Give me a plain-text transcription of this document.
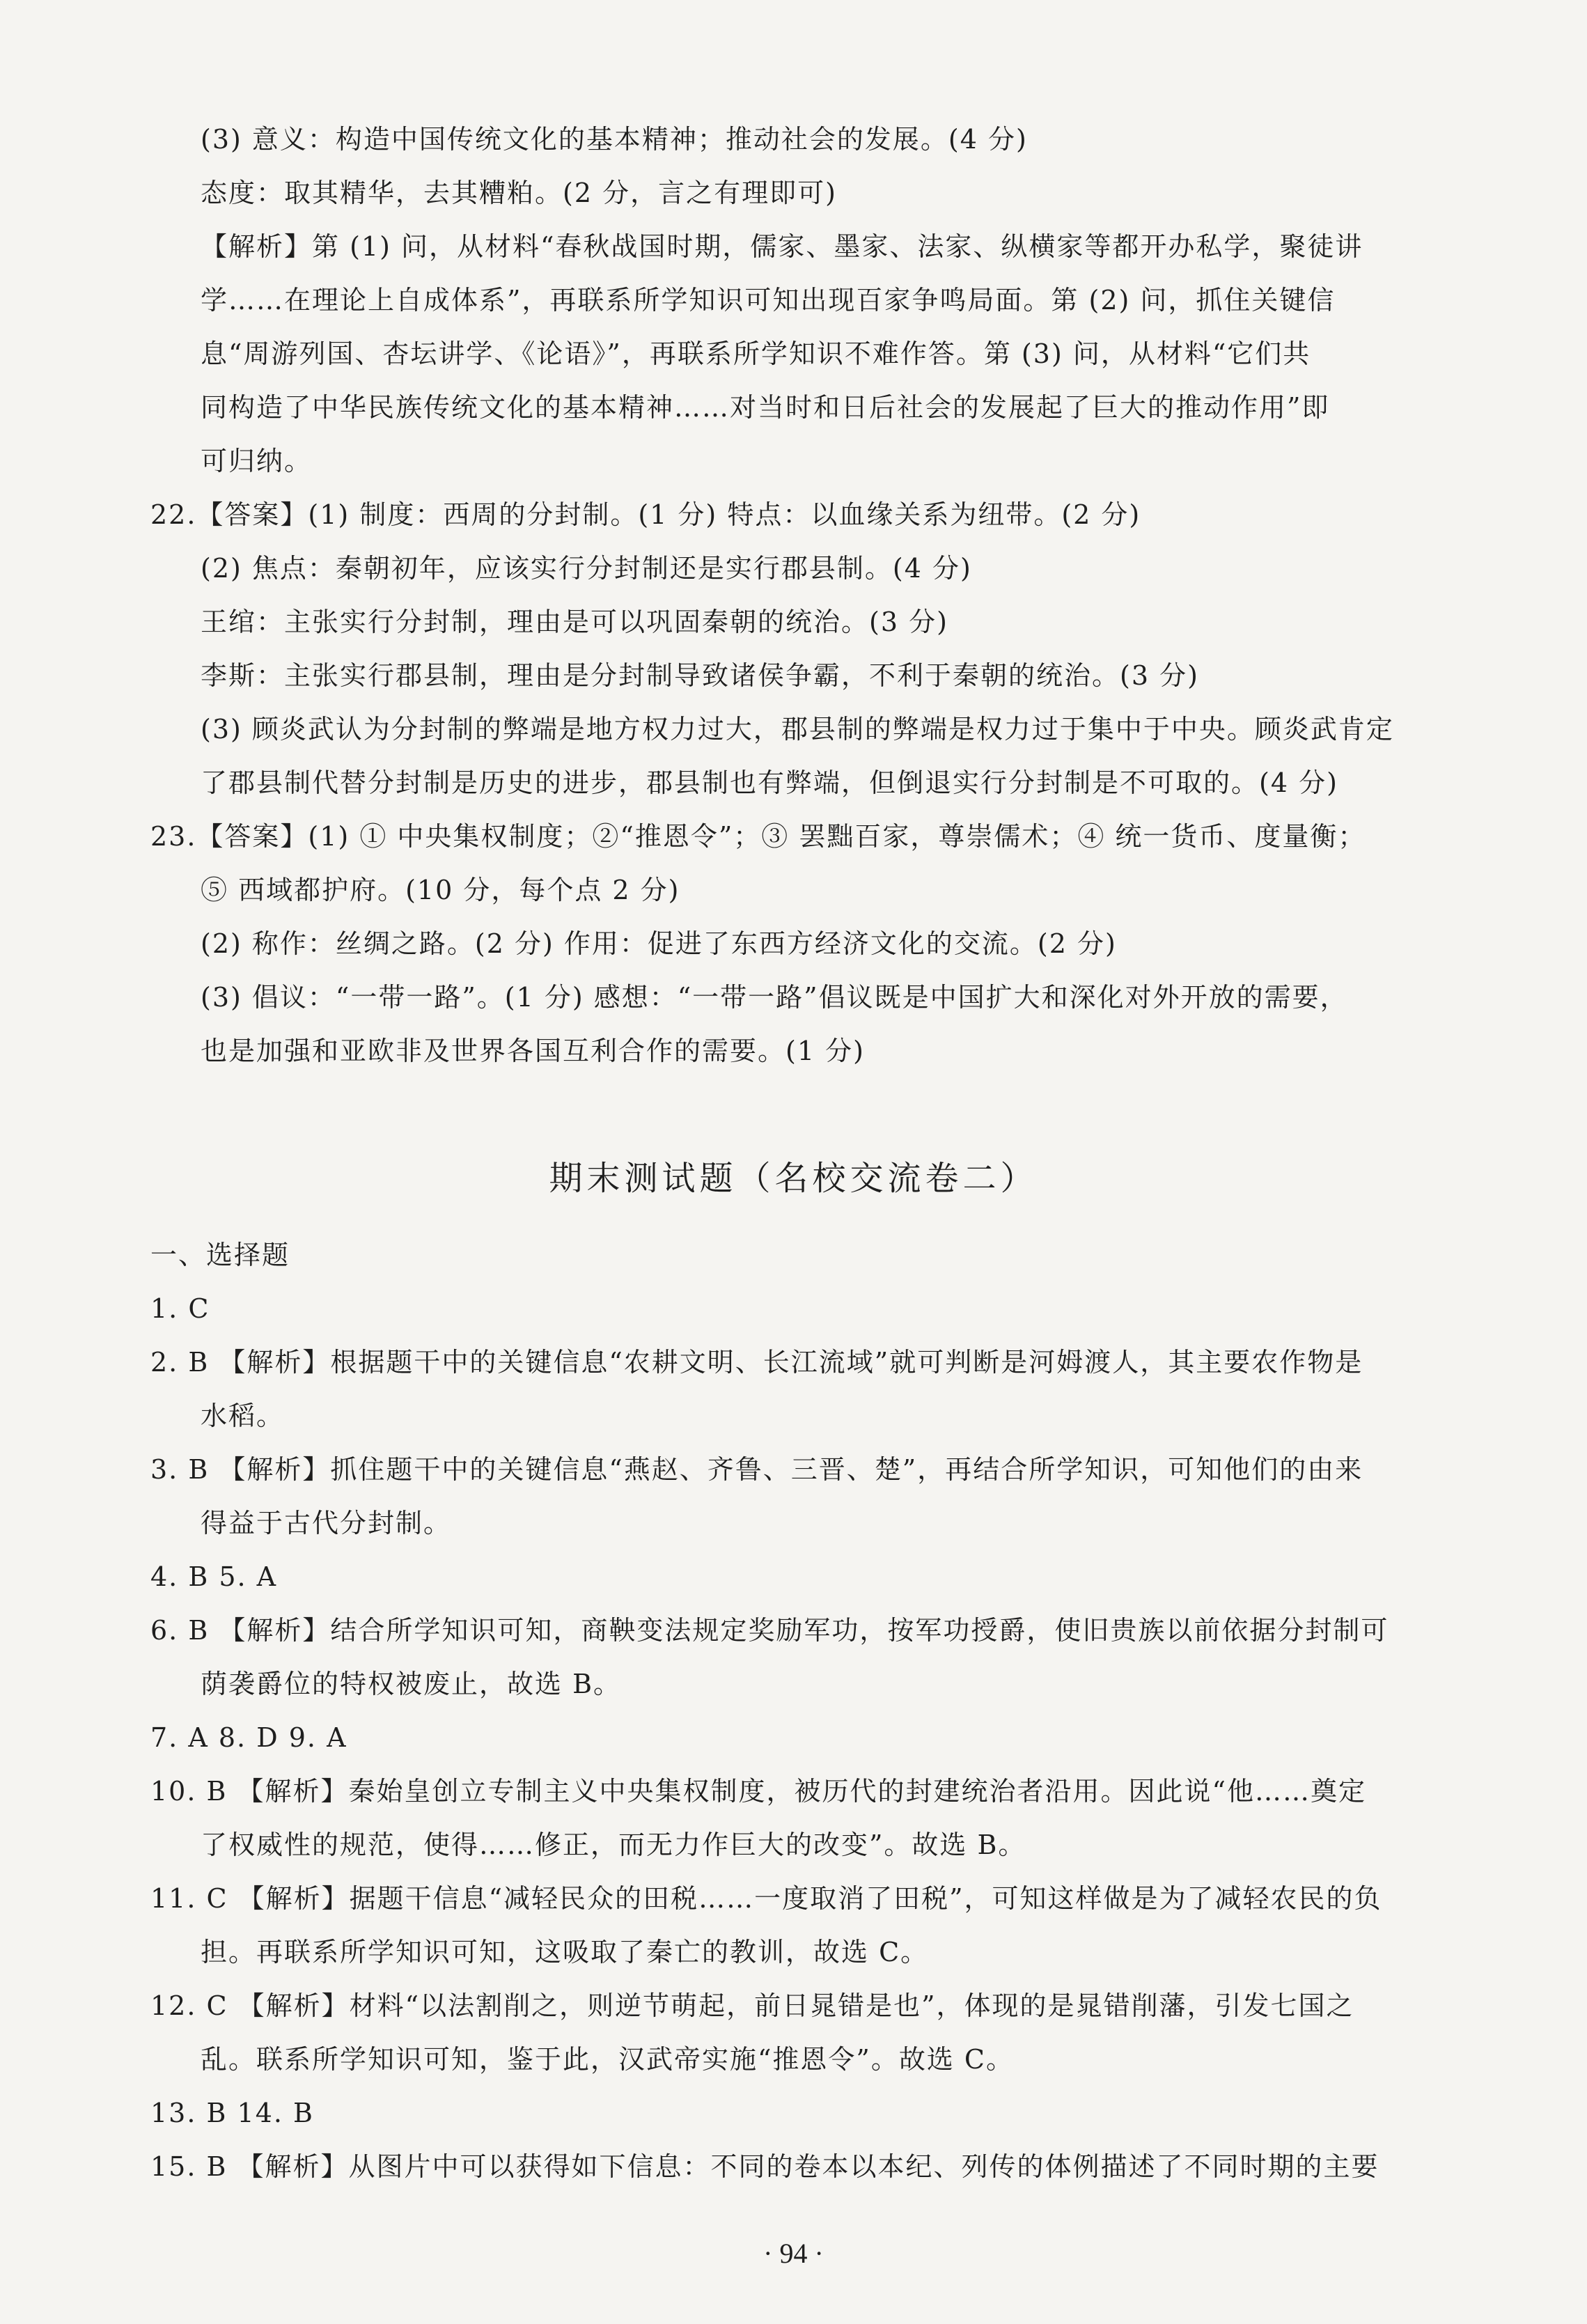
(3) 意义：构造中国传统文化的基本精神；推动社会的发展。(4 分)
态度：取其精华，去其糟粕。(2 分，言之有理即可)
【解析】第 (1) 问，从材料“春秋战国时期，儒家、墨家、法家、纵横家等都开办私学，聚徒讲
学……在理论上自成体系”，再联系所学知识可知出现百家争鸣局面。第 (2) 问，抓住关键信
息“周游列国、杏坛讲学、《论语》”，再联系所学知识不难作答。第 (3) 问，从材料“它们共
同构造了中华民族传统文化的基本精神……对当时和日后社会的发展起了巨大的推动作用”即
可归纳。
22.【答案】(1) 制度：西周的分封制。(1 分) 特点：以血缘关系为纽带。(2 分)
(2) 焦点：秦朝初年，应该实行分封制还是实行郡县制。(4 分)
王绾：主张实行分封制，理由是可以巩固秦朝的统治。(3 分)
李斯：主张实行郡县制，理由是分封制导致诸侯争霸，不利于秦朝的统治。(3 分)
(3) 顾炎武认为分封制的弊端是地方权力过大，郡县制的弊端是权力过于集中于中央。顾炎武肯定
了郡县制代替分封制是历史的进步，郡县制也有弊端，但倒退实行分封制是不可取的。(4 分)
23.【答案】(1) ① 中央集权制度；②“推恩令”；③ 罢黜百家，尊崇儒术；④ 统一货币、度量衡；
⑤ 西域都护府。(10 分，每个点 2 分)
(2) 称作：丝绸之路。(2 分) 作用：促进了东西方经济文化的交流。(2 分)
(3) 倡议：“一带一路”。(1 分) 感想：“一带一路”倡议既是中国扩大和深化对外开放的需要，
也是加强和亚欧非及世界各国互利合作的需要。(1 分)
期末测试题（名校交流卷二）
一、选择题
1. C
2. B 【解析】根据题干中的关键信息“农耕文明、长江流域”就可判断是河姆渡人，其主要农作物是
水稻。
3. B 【解析】抓住题干中的关键信息“燕赵、齐鲁、三晋、楚”，再结合所学知识，可知他们的由来
得益于古代分封制。
4. B 5. A
6. B 【解析】结合所学知识可知，商鞅变法规定奖励军功，按军功授爵，使旧贵族以前依据分封制可
荫袭爵位的特权被废止，故选 B。
7. A 8. D 9. A
10. B 【解析】秦始皇创立专制主义中央集权制度，被历代的封建统治者沿用。因此说“他……奠定
了权威性的规范，使得……修正，而无力作巨大的改变”。故选 B。
11. C 【解析】据题干信息“减轻民众的田税……一度取消了田税”，可知这样做是为了减轻农民的负
担。再联系所学知识可知，这吸取了秦亡的教训，故选 C。
12. C 【解析】材料“以法割削之，则逆节萌起，前日晁错是也”，体现的是晁错削藩，引发七国之
乱。联系所学知识可知，鉴于此，汉武帝实施“推恩令”。故选 C。
13. B 14. B
15. B 【解析】从图片中可以获得如下信息：不同的卷本以本纪、列传的体例描述了不同时期的主要
· 94 ·
